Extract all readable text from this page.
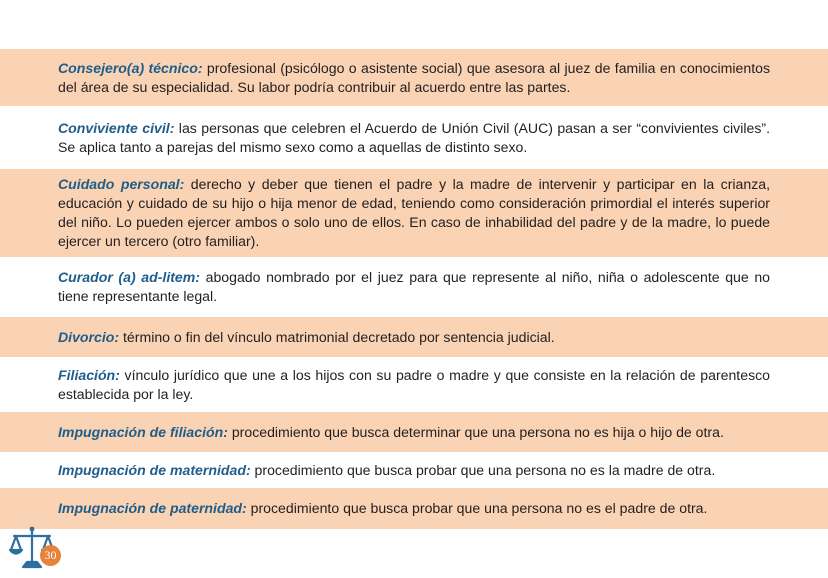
Consejero(a) técnico: profesional (psicólogo o asistente social) que asesora al juez de familia en conocimientos del área de su especialidad. Su labor podría contribuir al acuerdo entre las partes.

Conviviente civil: las personas que celebren el Acuerdo de Unión Civil (AUC) pasan a ser “convivientes civiles”. Se aplica tanto a parejas del mismo sexo como a aquellas de distinto sexo.

Cuidado personal: derecho y deber que tienen el padre y la madre de intervenir y participar en la crianza, educación y cuidado de su hijo o hija menor de edad, teniendo como consideración primordial el interés superior del niño. Lo pueden ejercer ambos o solo uno de ellos. En caso de inhabilidad del padre y de la madre, lo puede ejercer un tercero (otro familiar).

Curador (a) ad-litem: abogado nombrado por el juez para que represente al niño, niña o adolescente que no tiene representante legal.

Divorcio: término o fin del vínculo matrimonial decretado por sentencia judicial.

Filiación: vínculo jurídico que une a los hijos con su padre o madre y que consiste en la relación de parentesco establecida por la ley.

Impugnación de filiación: procedimiento que busca determinar que una persona no es hija o hijo de otra.

Impugnación de maternidad: procedimiento que busca probar que una persona no es la madre de otra.

Impugnación de paternidad: procedimiento que busca probar que una persona no es el padre de otra.

30
